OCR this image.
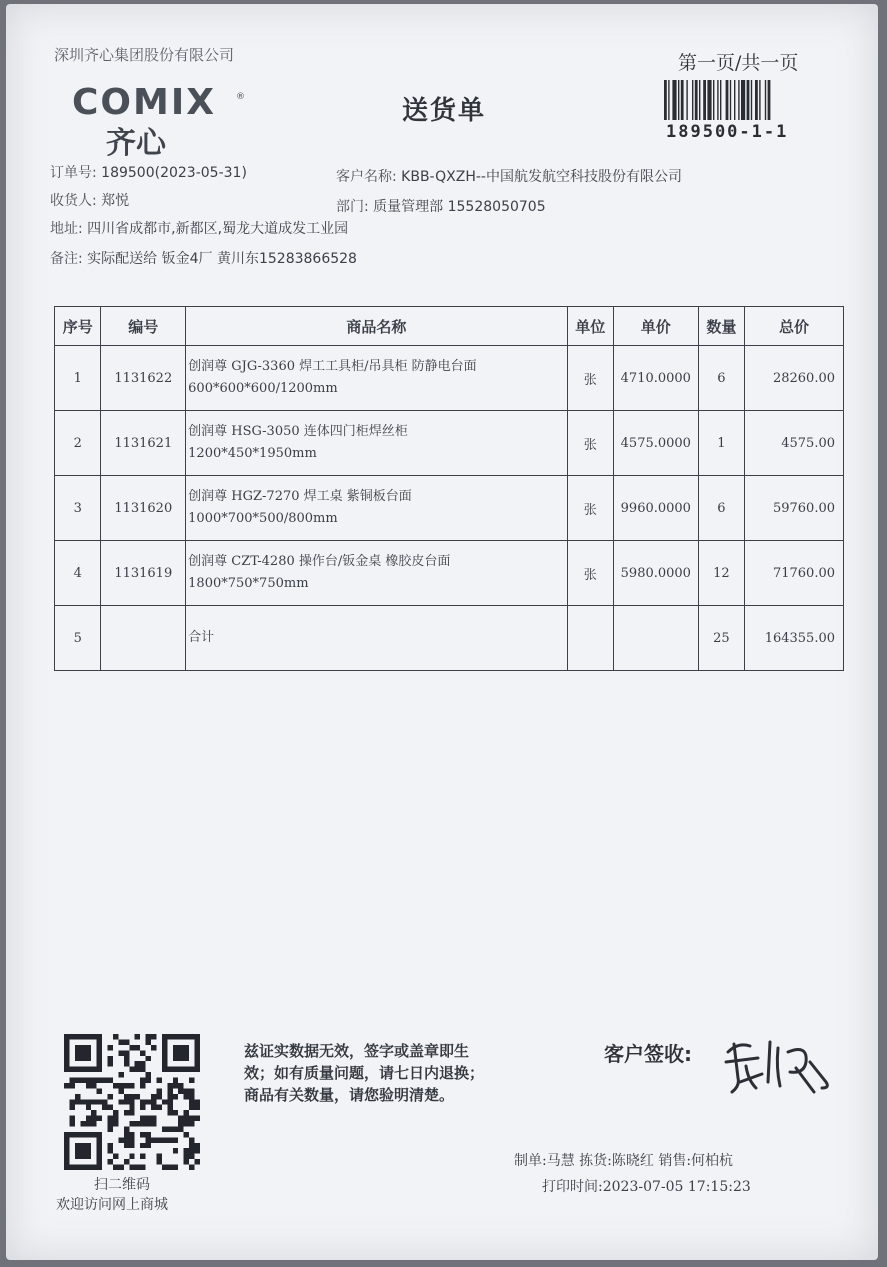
深圳齐心集团股份有限公司
COMIX ®
齐心
送货单
第一页/共一页
189500-1-1
订单号: 189500(2023-05-31)	客户名称: KBB-QXZH--中国航发航空科技股份有限公司
收货人: 郑悦	部门: 质量管理部 15528050705
地址: 四川省成都市,新都区,蜀龙大道成发工业园
备注: 实际配送给 钣金4厂 黄川东15283866528
序号	编号	商品名称	单位	单价	数量	总价
1	1131622	创润尊 GJG-3360 焊工工具柜/吊具柜 防静电台面
600*600*600/1200mm	张	4710.0000	6	28260.00
2	1131621	创润尊 HSG-3050 连体四门柜焊丝柜
1200*450*1950mm	张	4575.0000	1	4575.00
3	1131620	创润尊 HGZ-7270 焊工桌 紫铜板台面
1000*700*500/800mm	张	9960.0000	6	59760.00
4	1131619	创润尊 CZT-4280 操作台/钣金桌 橡胶皮台面
1800*750*750mm	张	5980.0000	12	71760.00
5		合计			25	164355.00
扫二维码
欢迎访问网上商城
兹证实数据无效，签字或盖章即生
效；如有质量问题，请七日内退换；
商品有关数量，请您验明清楚。
客户签收:
制单:马慧 拣货:陈晓红 销售:何柏杭
打印时间:2023-07-05 17:15:23
